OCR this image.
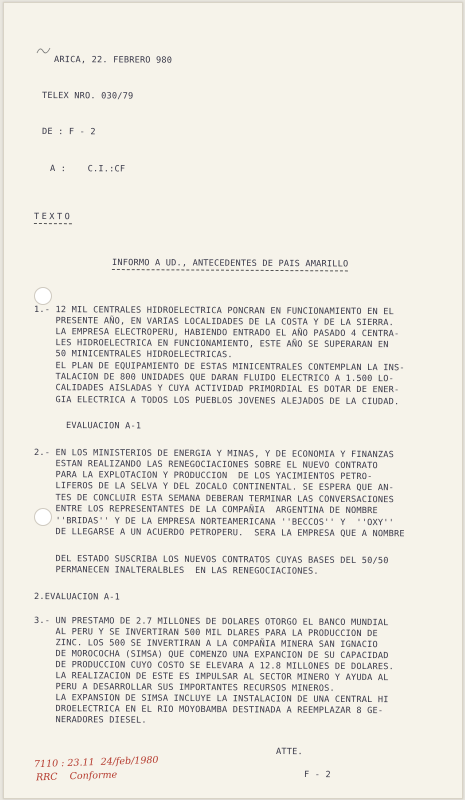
ARICA, 22. FEBRERO 980
TELEX NRO. 030/79
DE : F - 2
A :    C.I.:CF
TEXTO
INFORMO A UD., ANTECEDENTES DE PAIS AMARILLO
1.- 12 MIL CENTRALES HIDROELECTRICA PONCRAN EN FUNCIONAMIENTO EN EL
PRESENTE AÑO, EN VARIAS LOCALIDADES DE LA COSTA Y DE LA SIERRA.
LA EMPRESA ELECTROPERU, HABIENDO ENTRADO EL AÑO PASADO 4 CENTRA-
LES HIDROELECTRICA EN FUNCIONAMIENTO, ESTE AÑO SE SUPERARAN EN
50 MINICENTRALES HIDROELECTRICAS.
EL PLAN DE EQUIPAMIENTO DE ESTAS MINICENTRALES CONTEMPLAN LA INS-
TALACION DE 800 UNIDADES QUE DARAN FLUIDO ELECTRICO A 1.500 LO-
CALIDADES AISLADAS Y CUYA ACTIVIDAD PRIMORDIAL ES DOTAR DE ENER-
GIA ELECTRICA A TODOS LOS PUEBLOS JOVENES ALEJADOS DE LA CIUDAD.
EVALUACION A-1
2.- EN LOS MINISTERIOS DE ENERGIA Y MINAS, Y DE ECONOMIA Y FINANZAS
ESTAN REALIZANDO LAS RENEGOCIACIONES SOBRE EL NUEVO CONTRATO
PARA LA EXPLOTACION Y PRODUCCION  DE LOS YACIMIENTOS PETRO-
LIFEROS DE LA SELVA Y DEL ZOCALO CONTINENTAL. SE ESPERA QUE AN-
TES DE CONCLUIR ESTA SEMANA DEBERAN TERMINAR LAS CONVERSACIONES
ENTRE LOS REPRESENTANTES DE LA COMPAÑIA  ARGENTINA DE NOMBRE
''BRIDAS'' Y DE LA EMPRESA NORTEAMERICANA ''BECCOS'' Y  ''OXY''
DE LLEGARSE A UN ACUERDO PETROPERU.  SERA LA EMPRESA QUE A NOMBRE
DEL ESTADO SUSCRIBA LOS NUEVOS CONTRATOS CUYAS BASES DEL 50/50
PERMANECEN INALTERALBLES  EN LAS RENEGOCIACIONES.
2.EVALUACION A-1
3.- UN PRESTAMO DE 2.7 MILLONES DE DOLARES OTORGO EL BANCO MUNDIAL
AL PERU Y SE INVERTIRAN 500 MIL DLARES PARA LA PRODUCCION DE
ZINC. LOS 500 SE INVERTIRAN A LA COMPAÑIA MINERA SAN IGNACIO
DE MOROCOCHA (SIMSA) QUE COMENZO UNA EXPANCION DE SU CAPACIDAD
DE PRODUCCION CUYO COSTO SE ELEVARA A 12.8 MILLONES DE DOLARES.
LA REALIZACION DE ESTE ES IMPULSAR AL SECTOR MINERO Y AYUDA AL
PERU A DESARROLLAR SUS IMPORTANTES RECURSOS MINEROS.
LA EXPANSION DE SIMSA INCLUYE LA INSTALACION DE UNA CENTRAL HI
DROELECTRICA EN EL RIO MOYOBAMBA DESTINADA A REEMPLAZAR 8 GE-
NERADORES DIESEL.
ATTE.
7110 : 23.11  24/feb/1980
RRC    Conforme	F - 2
